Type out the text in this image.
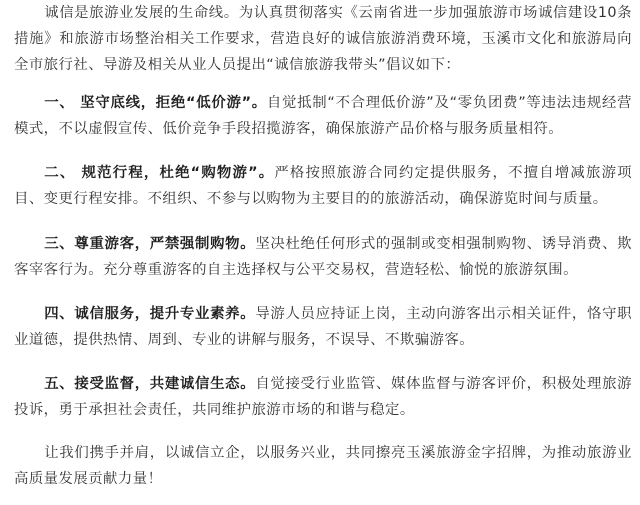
诚信是旅游业发展的生命线。为认真贯彻落实《云南省进一步加强旅游市场诚信建设10条措施》和旅游市场整治相关工作要求，营造良好的诚信旅游消费环境，玉溪市文化和旅游局向全市旅行社、导游及相关从业人员提出“诚信旅游我带头”倡议如下：

一、 坚守底线，拒绝“低价游”。自觉抵制“不合理低价游”及“零负团费”等违法违规经营模式，不以虚假宣传、低价竞争手段招揽游客，确保旅游产品价格与服务质量相符。

二、 规范行程，杜绝“购物游”。严格按照旅游合同约定提供服务，不擅自增减旅游项目、变更行程安排。不组织、不参与以购物为主要目的的旅游活动，确保游览时间与质量。

三、尊重游客，严禁强制购物。坚决杜绝任何形式的强制或变相强制购物、诱导消费、欺客宰客行为。充分尊重游客的自主选择权与公平交易权，营造轻松、愉悦的旅游氛围。

四、诚信服务，提升专业素养。导游人员应持证上岗，主动向游客出示相关证件，恪守职业道德，提供热情、周到、专业的讲解与服务，不误导、不欺骗游客。

五、接受监督，共建诚信生态。自觉接受行业监管、媒体监督与游客评价，积极处理旅游投诉，勇于承担社会责任，共同维护旅游市场的和谐与稳定。

让我们携手并肩，以诚信立企，以服务兴业，共同擦亮玉溪旅游金字招牌，为推动旅游业高质量发展贡献力量！
